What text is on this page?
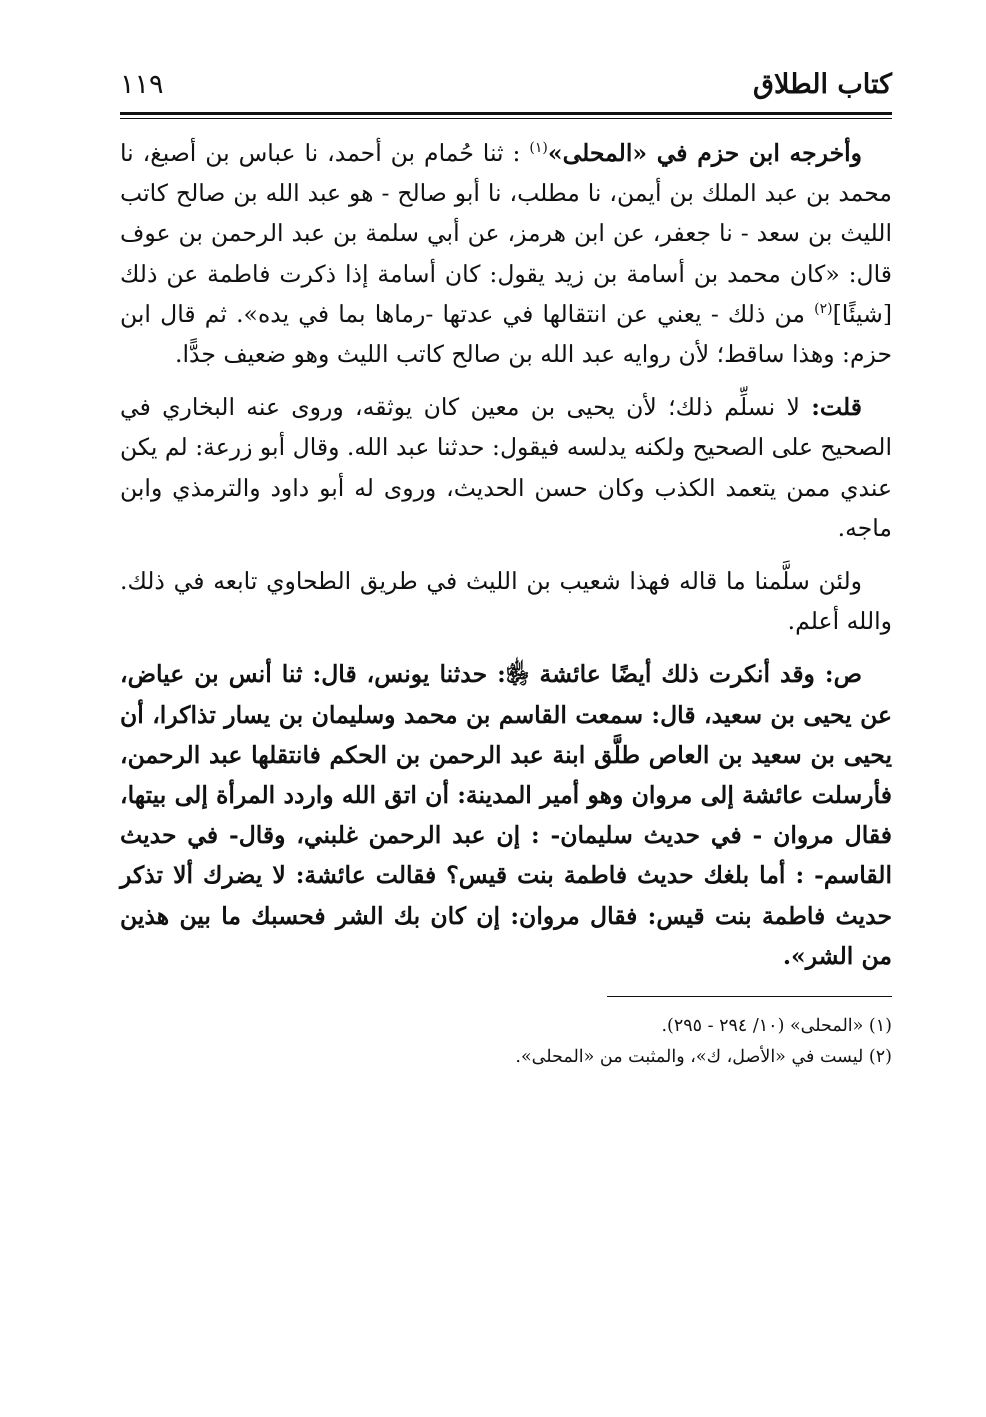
كتاب الطلاق
١١٩

وأخرجه ابن حزم في «المحلى»$^{(١)}$ : ثنا حُمام بن أحمد، نا عباس بن أصبغ، نا محمد بن عبد الملك بن أيمن، نا مطلب، نا أبو صالح - هو عبد الله بن صالح كاتب الليث بن سعد - نا جعفر، عن ابن هرمز، عن أبي سلمة بن عبد الرحمن بن عوف قال: «كان محمد بن أسامة بن زيد يقول: كان أسامة إذا ذكرت فاطمة عن ذلك [شيئًا]$^{(٢)}$ من ذلك - يعني عن انتقالها في عدتها -رماها بما في يده». ثم قال ابن حزم: وهذا ساقط؛ لأن روايه عبد الله بن صالح كاتب الليث وهو ضعيف جدًّا.

قلت: لا نسلِّم ذلك؛ لأن يحيى بن معين كان يوثقه، وروى عنه البخاري في الصحيح على الصحيح ولكنه يدلسه فيقول: حدثنا عبد الله. وقال أبو زرعة: لم يكن عندي ممن يتعمد الكذب وكان حسن الحديث، وروى له أبو داود والترمذي وابن ماجه.

ولئن سلَّمنا ما قاله فهذا شعيب بن الليث في طريق الطحاوي تابعه في ذلك. والله أعلم.

ص: وقد أنكرت ذلك أيضًا عائشة ﵂: حدثنا يونس، قال: ثنا أنس بن عياض، عن يحيى بن سعيد، قال: سمعت القاسم بن محمد وسليمان بن يسار تذاكرا، أن يحيى بن سعيد بن العاص طلَّق ابنة عبد الرحمن بن الحكم فانتقلها عبد الرحمن، فأرسلت عائشة إلى مروان وهو أمير المدينة: أن اتق الله واردد المرأة إلى بيتها، فقال مروان - في حديث سليمان- : إن عبد الرحمن غلبني، وقال- في حديث القاسم- : أما بلغك حديث فاطمة بنت قيس؟ فقالت عائشة: لا يضرك ألا تذكر حديث فاطمة بنت قيس: فقال مروان: إن كان بك الشر فحسبك ما بين هذين من الشر».

(١) «المحلى» (١٠/ ٢٩٤ - ٢٩٥).

(٢) ليست في «الأصل، ك»، والمثبت من «المحلى».
